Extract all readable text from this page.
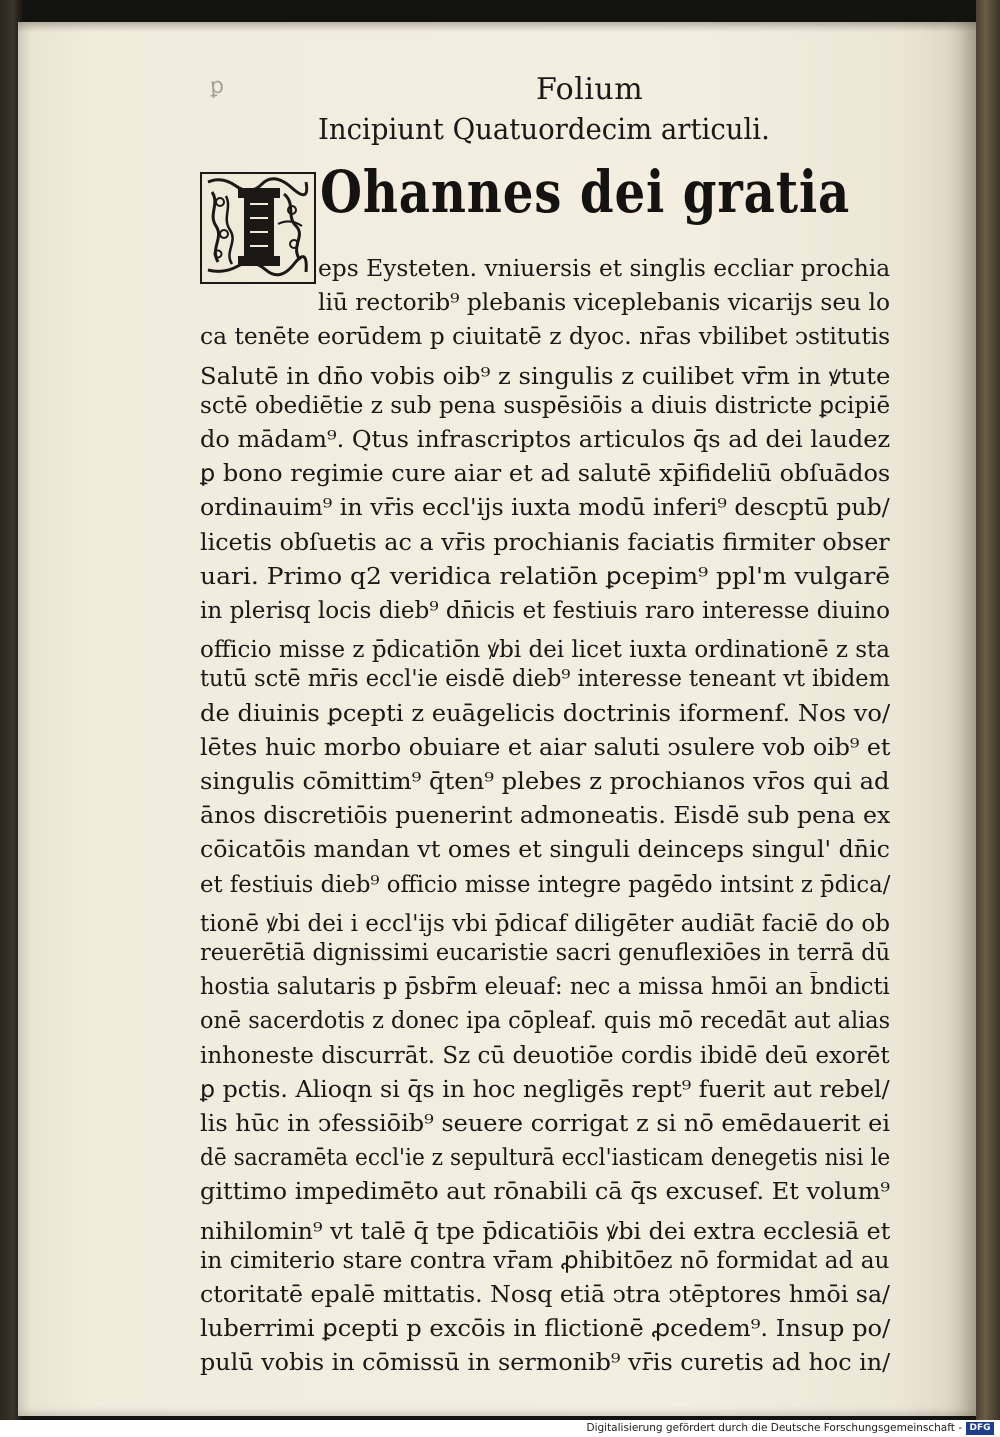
ꝑ	Folium
Incipiunt Quatuordecim articuli.
Ohannes dei gratia
eps Eysteten. vniuersis et singlis eccliar prochia
liū rectorib⁹ plebanis viceplebanis vicarijs seu lo
ca tenēte eorūdem p ciuitatē z dyoc. nr̄as vbilibet ↄstitutis
Salutē in dn̄o vobis oib⁹ z singulis z cuilibet vr̄m in ꝟtute
sctē obediētie z sub pena suspēsiōis a diuis districte ꝑcipiē
do mādam⁹. Qtus infrascriptos articulos q̄s ad dei laudez
ꝑ bono regimie cure aiar et ad salutē xp̄ifideliū obſuādos
ordinauim⁹ in vr̄is eccl'ijs iuxta modū inferi⁹ descptū pub/
licetis obſuetis ac a vr̄is prochianis faciatis firmiter obser
uari. Primo q2 veridica relatiōn ꝑcepim⁹ ppl'm vulgarē
in plerisq locis dieb⁹ dn̄icis et festiuis raro interesse diuino
officio misse z p̄dicatiōn ꝟbi dei licet iuxta ordinationē z sta
tutū sctē mr̄is eccl'ie eisdē dieb⁹ interesse teneant vt ibidem
de diuinis ꝑcepti z euāgelicis doctrinis iformenf. Nos vo/
lētes huic morbo obuiare et aiar saluti ↄsulere vob oib⁹ et
singulis cōmittim⁹ q̄ten⁹ plebes z prochianos vr̄os qui ad
ānos discretiōis puenerint admoneatis. Eisdē sub pena ex
cōicatōis mandan vt omes et singuli deinceps singul' dn̄ic
et festiuis dieb⁹ officio misse integre pagēdo intsint z p̄dica/
tionē ꝟbi dei i eccl'ijs vbi p̄dicaf diligēter audiāt faciē do ob
reuerētiā dignissimi eucaristie sacri genuflexiōes in terrā dū
hostia salutaris p p̄sbr̄m eleuaf: nec a missa hmōi an b̄ndicti
onē sacerdotis z donec ipa cōpleaf. quis mō recedāt aut alias
inhoneste discurrāt. Sz cū deuotiōe cordis ibidē deū exorēt
ꝑ pctis. Alioqn si q̄s in hoc negligēs rept⁹ fuerit aut rebel/
lis hūc in ↄfessiōib⁹ seuere corrigat z si nō emēdauerit ei
dē sacramēta eccl'ie z sepulturā eccl'iasticam denegetis nisi le
gittimo impedimēto aut rōnabili cā q̄s excusef. Et volum⁹
nihilomin⁹ vt talē q̄ tpe p̄dicatiōis ꝟbi dei extra ecclesiā et
in cimiterio stare contra vr̄am ꝓhibitōez nō formidat ad au
ctoritatē epalē mittatis. Nosq etiā ↄtra ↄtēptores hmōi sa/
luberrimi ꝑcepti p excōis in flictionē ꝓcedem⁹. Insup po/
pulū vobis in cōmissū in sermonib⁹ vr̄is curetis ad hoc in/
Digitalisierung gefördert durch die Deutsche Forschungsgemeinschaft - DFG
